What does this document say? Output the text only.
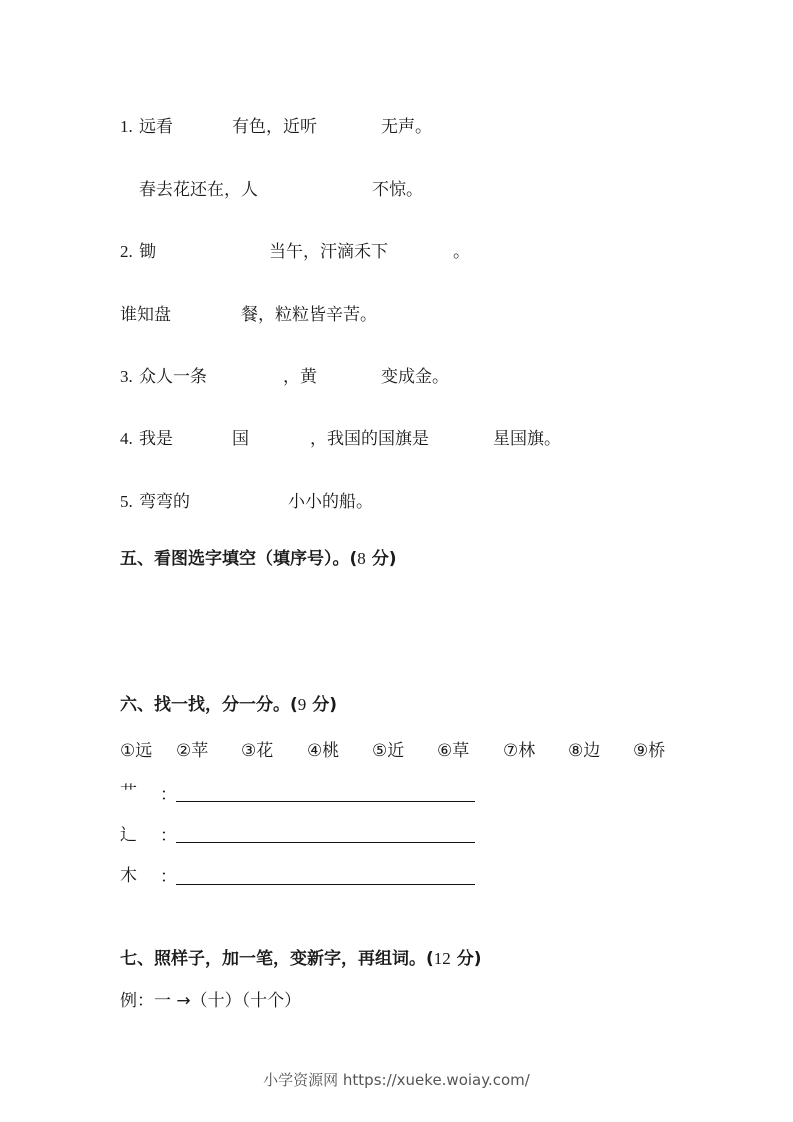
1. 远看	有色，近听	无声。
春去花还在，人	不惊。
2. 锄	当午，汗滴禾下	。
谁知盘	餐，粒粒皆辛苦。
3. 众人一条	，黄	变成金。
4. 我是	国	，我国的国旗是	星国旗。
5. 弯弯的	小小的船。
五、看图选字填空（填序号）。(8 分)
六、找一找，分一分。(9 分)
①远 ②苹 ③花 ④桃 ⑤近 ⑥草 ⑦林 ⑧边 ⑨桥
艹 ：
辶 ：
木 ：
七、照样子，加一笔，变新字，再组词。(12 分)
例：一 →（十）（十个）
小学资源网 https://xueke.woiay.com/
